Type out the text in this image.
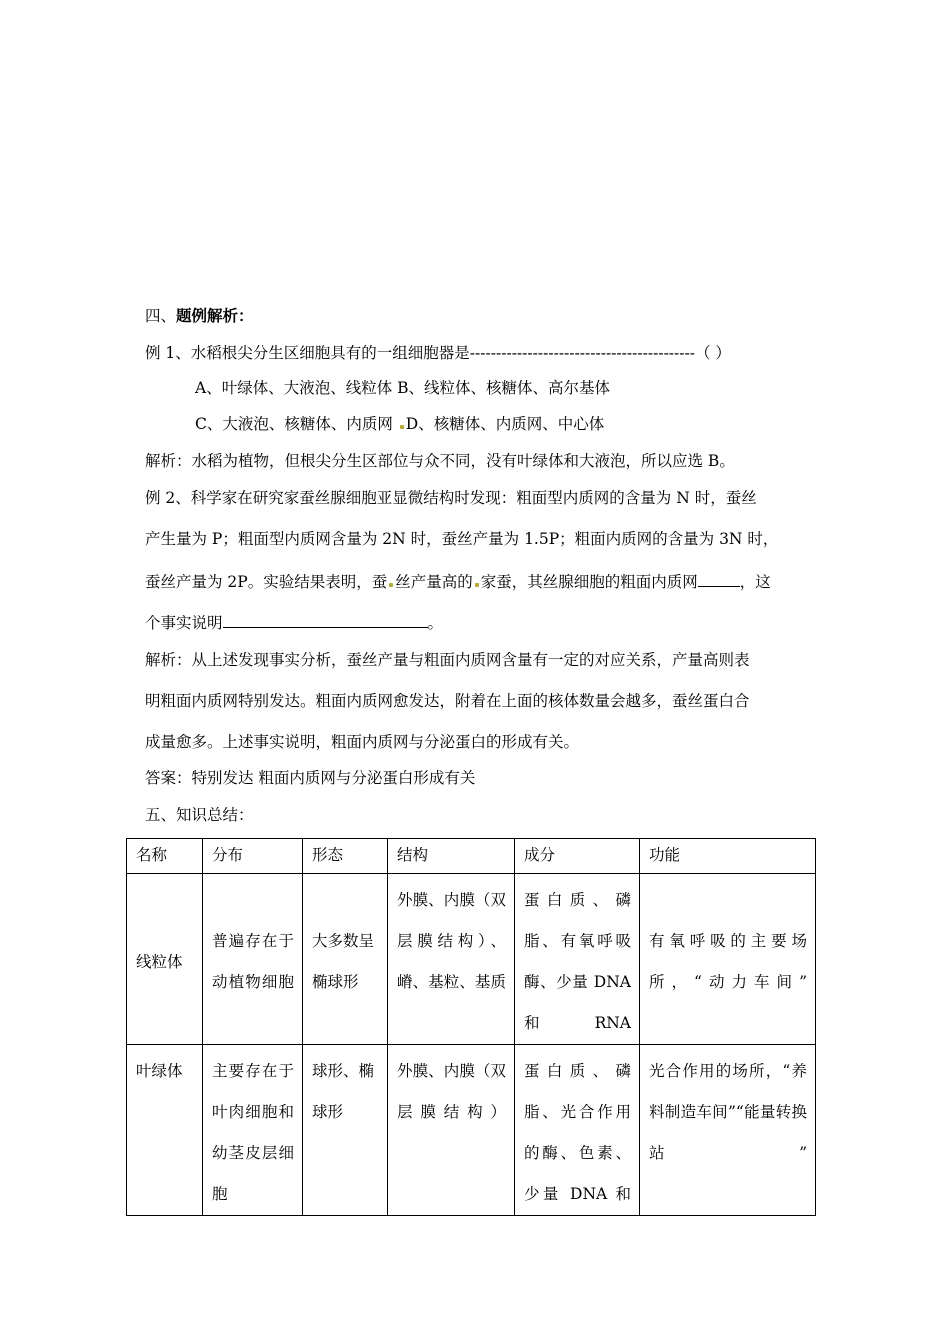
四、题例解析：
例 1、水稻根尖分生区细胞具有的一组细胞器是-------------------------------------------（ ）
A、叶绿体、大液泡、线粒体 B、线粒体、核糖体、高尔基体
C、大液泡、核糖体、内质网 D、核糖体、内质网、中心体
解析：水稻为植物，但根尖分生区部位与众不同，没有叶绿体和大液泡，所以应选 B。
例 2、科学家在研究家蚕丝腺细胞亚显微结构时发现：粗面型内质网的含量为 N 时，蚕丝
产生量为 P；粗面型内质网含量为 2N 时，蚕丝产量为 1.5P；粗面内质网的含量为 3N 时，
蚕丝产量为 2P。实验结果表明，蚕 丝产量高的 家蚕，其丝腺细胞的粗面内质网	，这
个事实说明	。
解析：从上述发现事实分析，蚕丝产量与粗面内质网含量有一定的对应关系，产量高则表
明粗面内质网特别发达。粗面内质网愈发达，附着在上面的核体数量会越多，蚕丝蛋白合
成量愈多。上述事实说明，粗面内质网与分泌蛋白的形成有关。
答案：特别发达 粗面内质网与分泌蛋白形成有关
五、知识总结：
名称	分布	形态	结构	成分	功能
线粒体	普遍存在于动植物细胞	大多数呈椭球形	外膜、内膜（双层膜结构）、嵴、基粒、基质	蛋白质、磷脂、有氧呼吸酶、少量 DNA 和 RNA	有氧呼吸的主要场所，“动力车间”
叶绿体	主要存在于叶肉细胞和幼茎皮层细胞	球形、椭球形	外膜、内膜（双层膜结构）	蛋白质、磷脂、光合作用的酶、色素、少量 DNA 和	光合作用的场所，“养料制造车间”“能量转换站”
